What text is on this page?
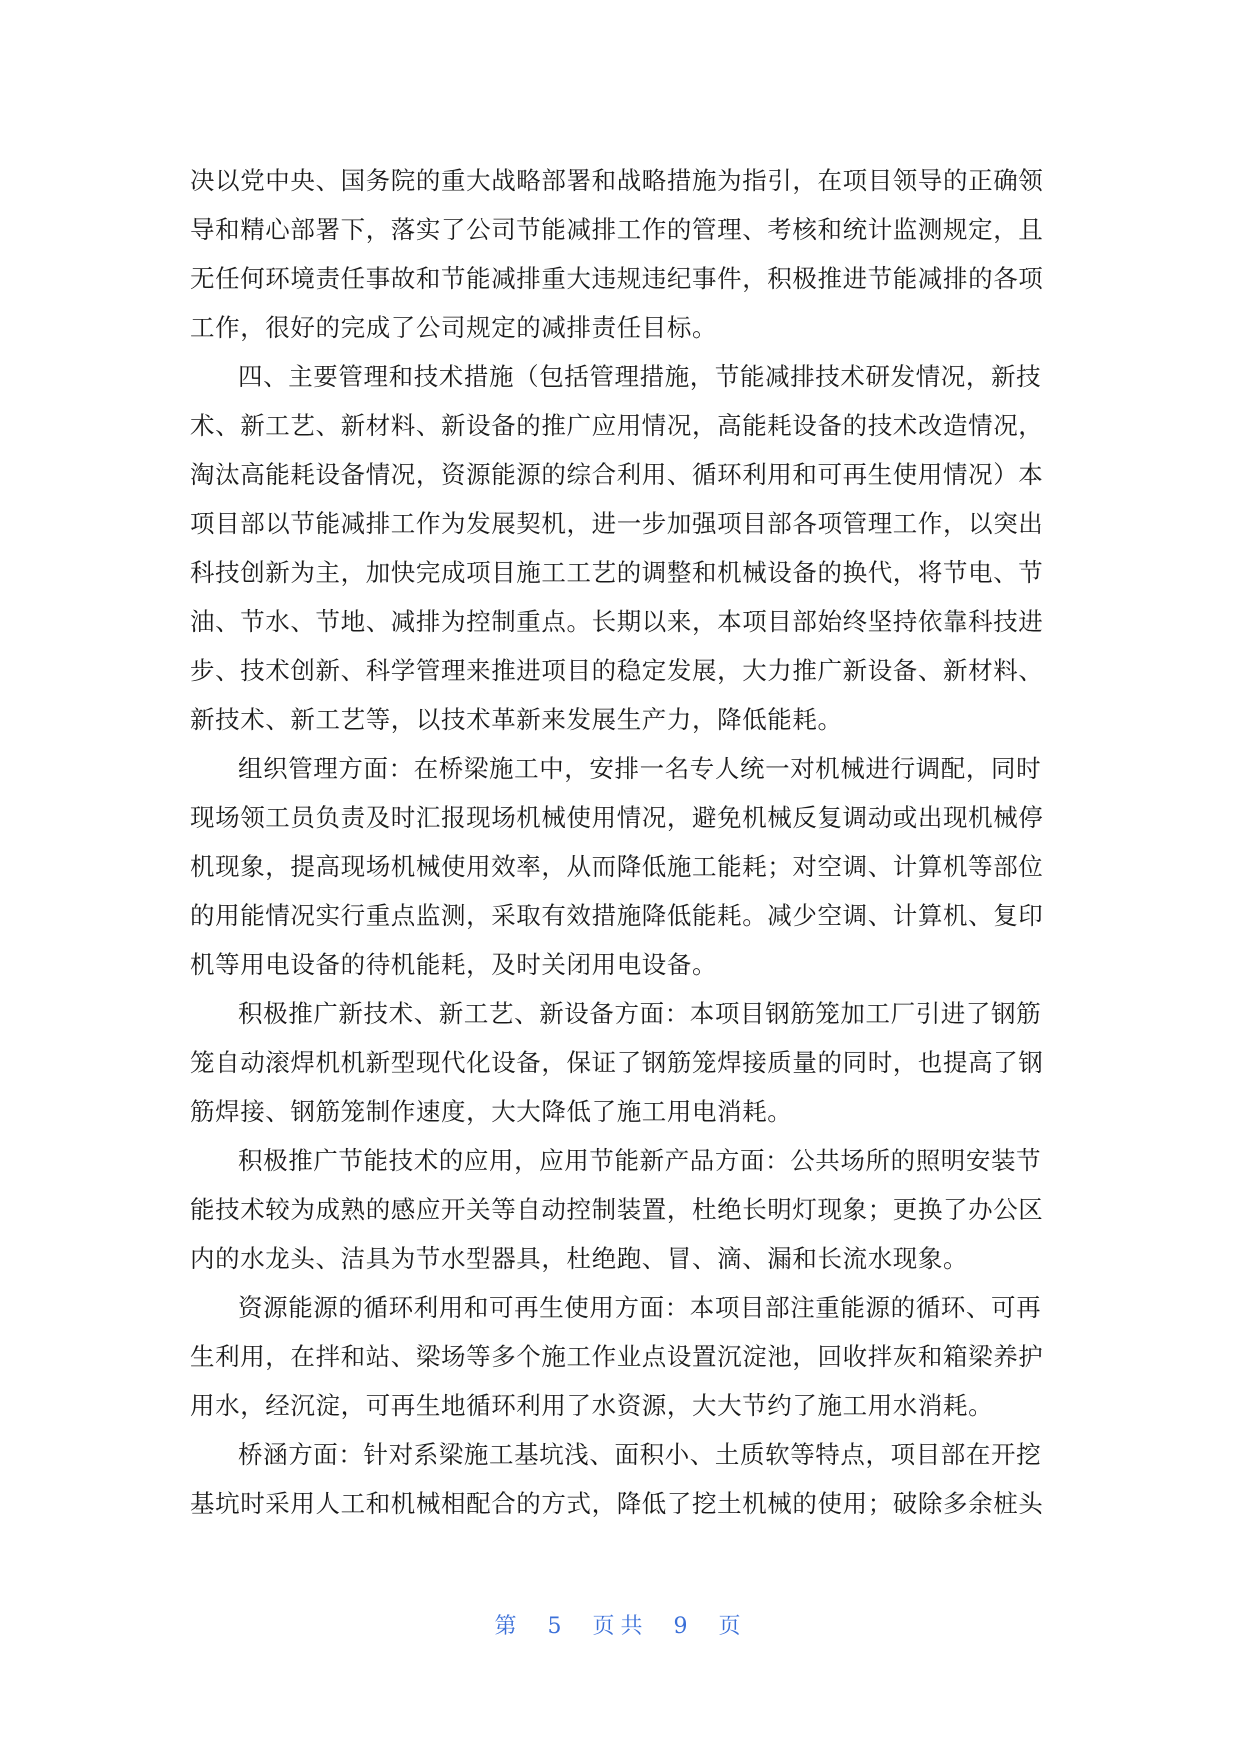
决以党中央、国务院的重大战略部署和战略措施为指引，在项目领导的正确领
导和精心部署下，落实了公司节能减排工作的管理、考核和统计监测规定，且
无任何环境责任事故和节能减排重大违规违纪事件，积极推进节能减排的各项
工作，很好的完成了公司规定的减排责任目标。
四、主要管理和技术措施（包括管理措施，节能减排技术研发情况，新技
术、新工艺、新材料、新设备的推广应用情况，高能耗设备的技术改造情况，
淘汰高能耗设备情况，资源能源的综合利用、循环利用和可再生使用情况）本
项目部以节能减排工作为发展契机，进一步加强项目部各项管理工作，以突出
科技创新为主，加快完成项目施工工艺的调整和机械设备的换代，将节电、节
油、节水、节地、减排为控制重点。长期以来，本项目部始终坚持依靠科技进
步、技术创新、科学管理来推进项目的稳定发展，大力推广新设备、新材料、
新技术、新工艺等，以技术革新来发展生产力，降低能耗。
组织管理方面：在桥梁施工中，安排一名专人统一对机械进行调配，同时
现场领工员负责及时汇报现场机械使用情况，避免机械反复调动或出现机械停
机现象，提高现场机械使用效率，从而降低施工能耗；对空调、计算机等部位
的用能情况实行重点监测，采取有效措施降低能耗。减少空调、计算机、复印
机等用电设备的待机能耗，及时关闭用电设备。
积极推广新技术、新工艺、新设备方面：本项目钢筋笼加工厂引进了钢筋
笼自动滚焊机机新型现代化设备，保证了钢筋笼焊接质量的同时，也提高了钢
筋焊接、钢筋笼制作速度，大大降低了施工用电消耗。
积极推广节能技术的应用，应用节能新产品方面：公共场所的照明安装节
能技术较为成熟的感应开关等自动控制装置，杜绝长明灯现象；更换了办公区
内的水龙头、洁具为节水型器具，杜绝跑、冒、滴、漏和长流水现象。
资源能源的循环利用和可再生使用方面：本项目部注重能源的循环、可再
生利用，在拌和站、梁场等多个施工作业点设置沉淀池，回收拌灰和箱梁养护
用水，经沉淀，可再生地循环利用了水资源，大大节约了施工用水消耗。
桥涵方面：针对系梁施工基坑浅、面积小、土质软等特点，项目部在开挖
基坑时采用人工和机械相配合的方式，降低了挖土机械的使用；破除多余桩头
第 5 页共 9 页
